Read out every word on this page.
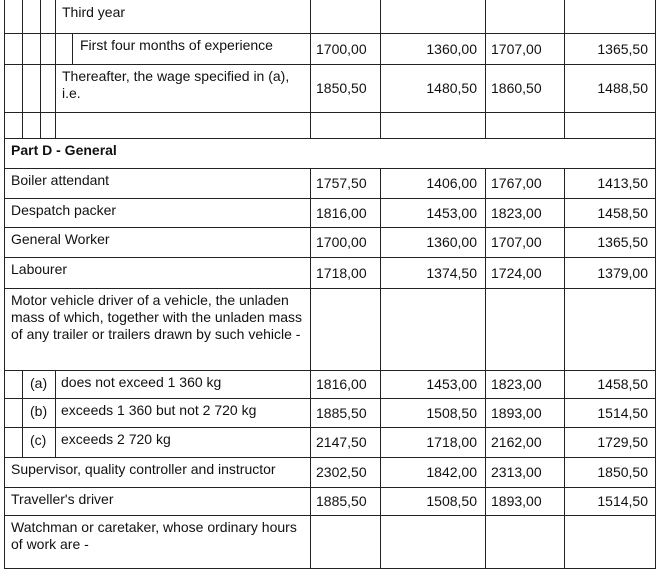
Third year
First four months of experience	1700,00	1360,00 1707,00	1365,50
Thereafter, the wage specified in (a), i.e.	1850,50	1480,50 1860,50	1488,50
Part D - General
Boiler attendant	1757,50	1406,00 1767,00	1413,50
Despatch packer	1816,00	1453,00 1823,00	1458,50
General Worker	1700,00	1360,00 1707,00	1365,50
Labourer	1718,00	1374,50 1724,00	1379,00
Motor vehicle driver of a vehicle, the unladen mass of which, together with the unladen mass of any trailer or trailers drawn by such vehicle -
(a) does not exceed 1 360 kg	1816,00	1453,00 1823,00	1458,50
(b) exceeds 1 360 but not 2 720 kg	1885,50	1508,50 1893,00	1514,50
(c) exceeds 2 720 kg	2147,50	1718,00 2162,00	1729,50
Supervisor, quality controller and instructor	2302,50	1842,00 2313,00	1850,50
Traveller's driver	1885,50	1508,50 1893,00	1514,50
Watchman or caretaker, whose ordinary hours of work are -
